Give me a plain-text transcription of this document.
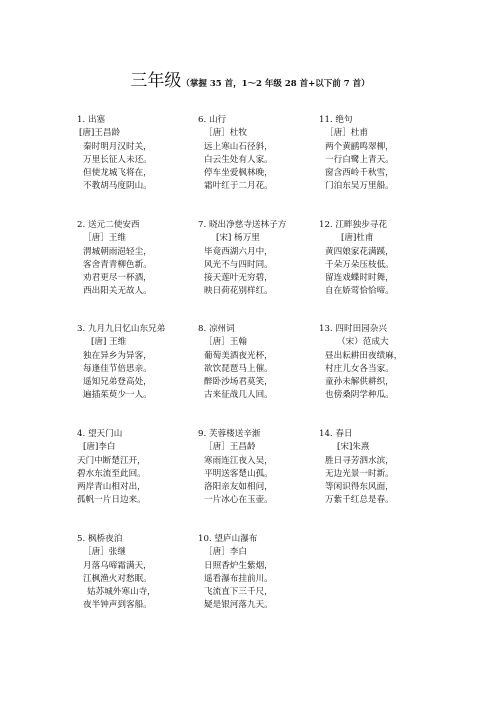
三年级（掌握 35 首，1～2 年级 28 首+以下前 7 首）
1. 出塞
[唐]王昌龄
秦时明月汉时关，
万里长征人未还。
但使龙城飞将在，
不教胡马度阴山。
6. 山行
［唐］杜牧
远上寒山石径斜，
白云生处有人家。
停车坐爱枫林晚，
霜叶红于二月花。
11. 绝句
［唐］杜甫
两个黄鹂鸣翠柳，
一行白鹭上青天。
窗含西岭千秋雪，
门泊东吴万里船。
2. 送元二使安西
［唐］王维
渭城朝雨浥轻尘，
客舍青青柳色新。
劝君更尽一杯酒，
西出阳关无故人。
7. 晓出净慈寺送林子方
[宋] 杨万里
毕竟西湖六月中，
风光不与四时同。
接天莲叶无穷碧，
映日荷花别样红。
12. 江畔独步寻花
[唐]杜甫
黄四娘家花满蹊，
千朵万朵压枝低。
留连戏蝶时时舞，
自在娇莺恰恰啼。
3. 九月九日忆山东兄弟
[唐] 王维
独在异乡为异客，
每逢佳节倍思亲。
遥知兄弟登高处，
遍插茱萸少一人。
8. 凉州词
［唐］王翰
葡萄美酒夜光杯，
欲饮琵琶马上催。
醉卧沙场君莫笑，
古来征战几人回。
13. 四时田园杂兴
（宋）范成大
昼出耘耕田夜绩麻，
村庄儿女各当家。
童孙未解供耕织，
也傍桑阴学种瓜。
4. 望天门山
[唐]李白
天门中断楚江开，
碧水东流至此回。
两岸青山相对出，
孤帆一片日边来。
9. 芙蓉楼送辛渐
［唐］王昌龄
寒雨连江夜入吴，
平明送客楚山孤。
洛阳亲友如相问，
一片冰心在玉壶。
14. 春日
[宋]朱熹
胜日寻芳泗水滨，
无边光景一时新。
等闲识得东风面，
万紫千红总是春。
5. 枫桥夜泊
［唐］张继
月落乌啼霜满天，
江枫渔火对愁眠。
姑苏城外寒山寺，
夜半钟声到客船。
10. 望庐山瀑布
［唐］李白
日照香炉生紫烟，
遥看瀑布挂前川。
飞流直下三千尺，
疑是银河落九天。
